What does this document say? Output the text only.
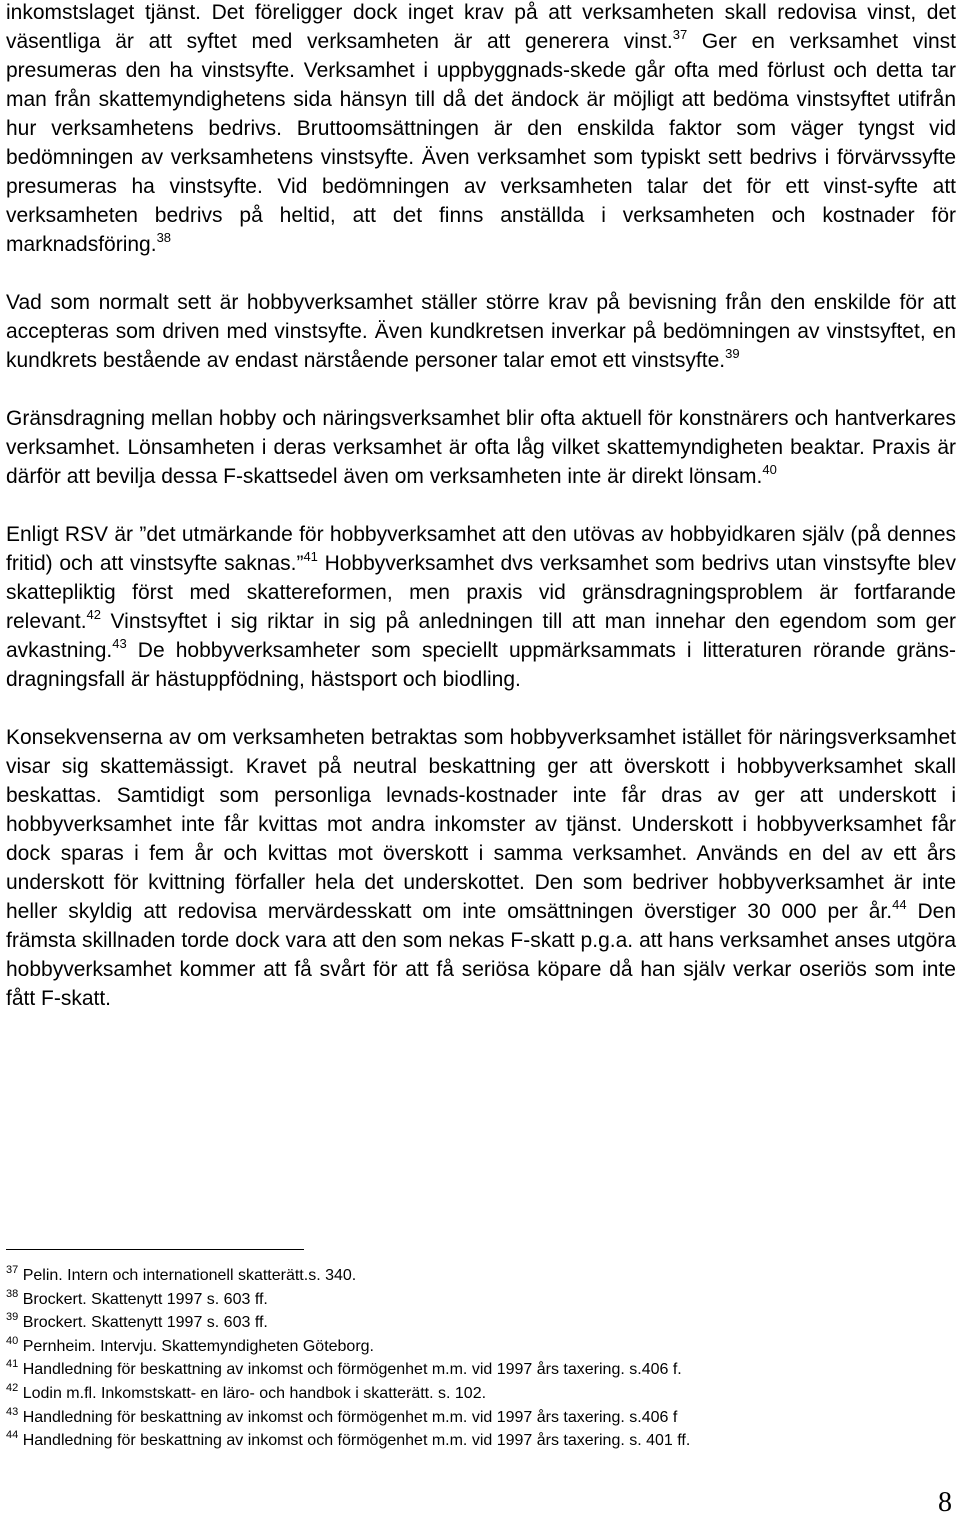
inkomstslaget tjänst. Det föreligger dock inget krav på att verksamheten skall redovisa vinst, det väsentliga är att syftet med verksamheten är att generera vinst.$^{37}$ Ger en verksamhet vinst presumeras den ha vinstsyfte. Verksamhet i uppbyggnads-skede går ofta med förlust och detta tar man från skattemyndighetens sida hänsyn till då det ändock är möjligt att bedöma vinstsyftet utifrån hur verksamhetens bedrivs. Bruttoomsättningen är den enskilda faktor som väger tyngst vid bedömningen av verksamhetens vinstsyfte. Även verksamhet som typiskt sett bedrivs i förvärvssyfte presumeras ha vinstsyfte. Vid bedömningen av verksamheten talar det för ett vinst-syfte att verksamheten bedrivs på heltid, att det finns anställda i verksamheten och kostnader för marknadsföring.$^{38}$

Vad som normalt sett är hobbyverksamhet ställer större krav på bevisning från den enskilde för att accepteras som driven med vinstsyfte. Även kundkretsen inverkar på bedömningen av vinstsyftet, en kundkrets bestående av endast närstående personer talar emot ett vinstsyfte.$^{39}$

Gränsdragning mellan hobby och näringsverksamhet blir ofta aktuell för konstnärers och hantverkares verksamhet. Lönsamheten i deras verksamhet är ofta låg vilket skattemyndigheten beaktar. Praxis är därför att bevilja dessa F-skattsedel även om verksamheten inte är direkt lönsam.$^{40}$

Enligt RSV är ”det utmärkande för hobbyverksamhet att den utövas av hobbyidkaren själv (på dennes fritid) och att vinstsyfte saknas.”$^{41}$ Hobbyverksamhet dvs verksamhet som bedrivs utan vinstsyfte blev skattepliktig först med skattereformen, men praxis vid gränsdragningsproblem är fortfarande relevant.$^{42}$ Vinstsyftet i sig riktar in sig på anledningen till att man innehar den egendom som ger avkastning.$^{43}$ De hobbyverksamheter som speciellt uppmärksammats i litteraturen rörande gräns-dragningsfall är hästuppfödning, hästsport och biodling.

Konsekvenserna av om verksamheten betraktas som hobbyverksamhet istället för näringsverksamhet visar sig skattemässigt. Kravet på neutral beskattning ger att överskott i hobbyverksamhet skall beskattas. Samtidigt som personliga levnads-kostnader inte får dras av ger att underskott i hobbyverksamhet inte får kvittas mot andra inkomster av tjänst. Underskott i hobbyverksamhet får dock sparas i fem år och kvittas mot överskott i samma verksamhet. Används en del av ett års underskott för kvittning förfaller hela det underskottet. Den som bedriver hobbyverksamhet är inte heller skyldig att redovisa mervärdesskatt om inte omsättningen överstiger 30 000 per år.$^{44}$ Den främsta skillnaden torde dock vara att den som nekas F-skatt p.g.a. att hans verksamhet anses utgöra hobbyverksamhet kommer att få svårt för att få seriösa köpare då han själv verkar oseriös som inte fått F-skatt.

$^{37}$ Pelin. Intern och internationell skatterätt.s. 340.
$^{38}$ Brockert. Skattenytt 1997 s. 603 ff.
$^{39}$ Brockert. Skattenytt 1997 s. 603 ff.
$^{40}$ Pernheim. Intervju. Skattemyndigheten Göteborg.
$^{41}$ Handledning för beskattning av inkomst och förmögenhet m.m. vid 1997 års taxering. s.406 f.
$^{42}$ Lodin m.fl. Inkomstskatt- en läro- och handbok i skatterätt. s. 102.
$^{43}$ Handledning för beskattning av inkomst och förmögenhet m.m. vid 1997 års taxering. s.406 f
$^{44}$ Handledning för beskattning av inkomst och förmögenhet m.m. vid 1997 års taxering. s. 401 ff.
8
